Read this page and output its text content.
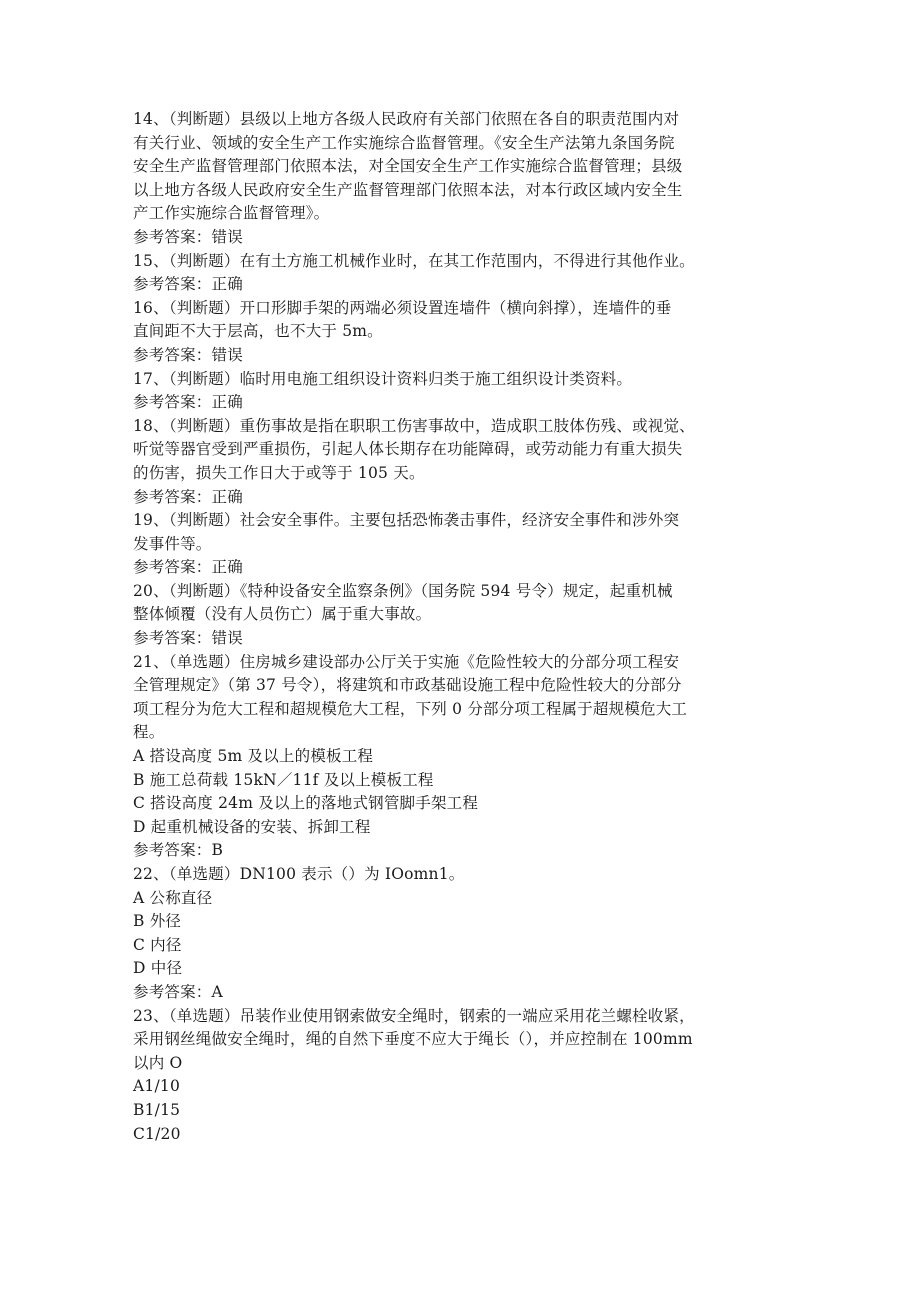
14、（判断题）县级以上地方各级人民政府有关部门依照在各自的职责范围内对
有关行业、领域的安全生产工作实施综合监督管理。《安全生产法第九条国务院
安全生产监督管理部门依照本法，对全国安全生产工作实施综合监督管理；县级
以上地方各级人民政府安全生产监督管理部门依照本法，对本行政区域内安全生
产工作实施综合监督管理》。
参考答案：错误
15、（判断题）在有土方施工机械作业时，在其工作范围内，不得进行其他作业。
参考答案：正确
16、（判断题）开口形脚手架的两端必须设置连墙件（横向斜撑），连墙件的垂
直间距不大于层高，也不大于 5m。
参考答案：错误
17、（判断题）临时用电施工组织设计资料归类于施工组织设计类资料。
参考答案：正确
18、（判断题）重伤事故是指在职职工伤害事故中，造成职工肢体伤残、或视觉、
听觉等器官受到严重损伤，引起人体长期存在功能障碍，或劳动能力有重大损失
的伤害，损失工作日大于或等于 105 天。
参考答案：正确
19、（判断题）社会安全事件。主要包括恐怖袭击事件，经济安全事件和涉外突
发事件等。
参考答案：正确
20、（判断题）《特种设备安全监察条例》（国务院 594 号令）规定，起重机械
整体倾覆（没有人员伤亡）属于重大事故。
参考答案：错误
21、（单选题）住房城乡建设部办公厅关于实施《危险性较大的分部分项工程安
全管理规定》（第 37 号令），将建筑和市政基础设施工程中危险性较大的分部分
项工程分为危大工程和超规模危大工程，下列 0 分部分项工程属于超规模危大工
程。
A 搭设高度 5m 及以上的模板工程
B 施工总荷载 15kN／11f 及以上模板工程
C 搭设高度 24m 及以上的落地式钢管脚手架工程
D 起重机械设备的安装、拆卸工程
参考答案：B
22、（单选题）DN100 表示（）为 IOomn1。
A 公称直径
B 外径
C 内径
D 中径
参考答案：A
23、（单选题）吊装作业使用钢索做安全绳时，钢索的一端应采用花兰螺栓收紧，
采用钢丝绳做安全绳时，绳的自然下垂度不应大于绳长（），并应控制在 100mm
以内 O
A1/10
B1/15
C1/20
